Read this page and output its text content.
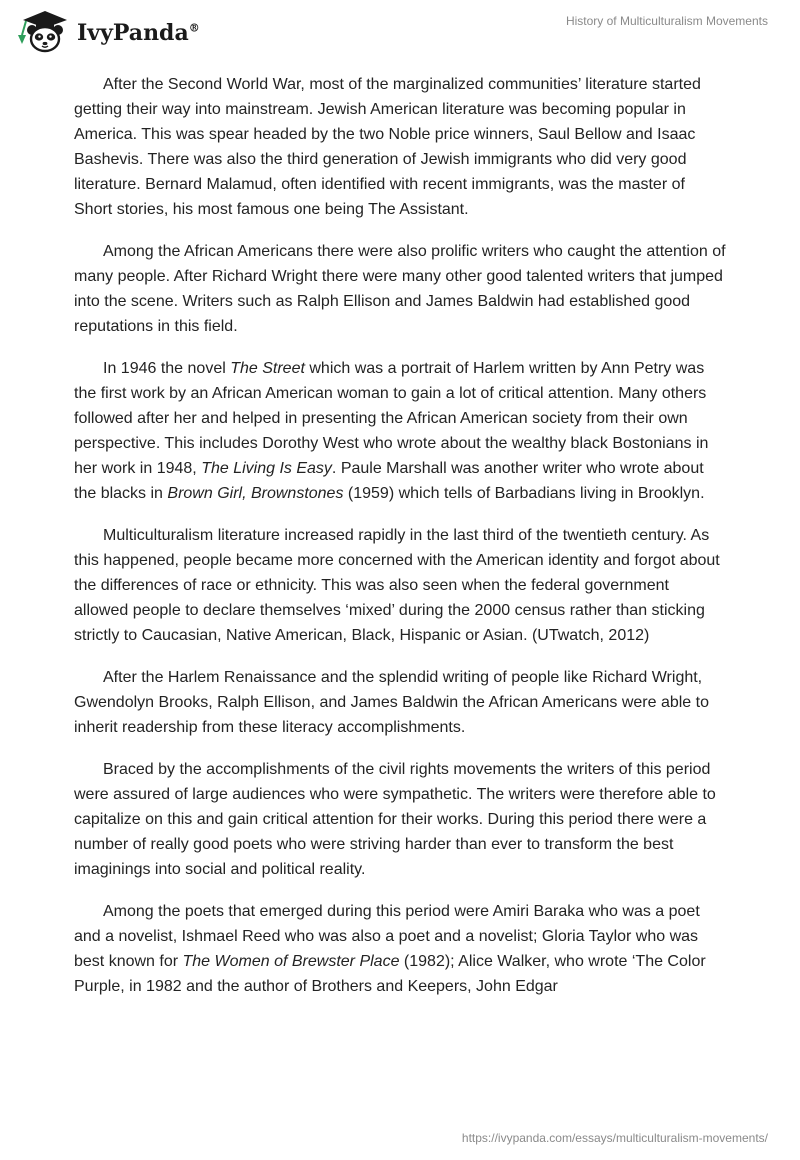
IvyPanda®
History of Multiculturalism Movements

After the Second World War, most of the marginalized communities’ literature started getting their way into mainstream. Jewish American literature was becoming popular in America. This was spear headed by the two Noble price winners, Saul Bellow and Isaac Bashevis. There was also the third generation of Jewish immigrants who did very good literature. Bernard Malamud, often identified with recent immigrants, was the master of Short stories, his most famous one being The Assistant.

Among the African Americans there were also prolific writers who caught the attention of many people. After Richard Wright there were many other good talented writers that jumped into the scene. Writers such as Ralph Ellison and James Baldwin had established good reputations in this field.

In 1946 the novel The Street which was a portrait of Harlem written by Ann Petry was the first work by an African American woman to gain a lot of critical attention. Many others followed after her and helped in presenting the African American society from their own perspective. This includes Dorothy West who wrote about the wealthy black Bostonians in her work in 1948, The Living Is Easy. Paule Marshall was another writer who wrote about the blacks in Brown Girl, Brownstones (1959) which tells of Barbadians living in Brooklyn.

Multiculturalism literature increased rapidly in the last third of the twentieth century. As this happened, people became more concerned with the American identity and forgot about the differences of race or ethnicity. This was also seen when the federal government allowed people to declare themselves ‘mixed’ during the 2000 census rather than sticking strictly to Caucasian, Native American, Black, Hispanic or Asian. (UTwatch, 2012)

After the Harlem Renaissance and the splendid writing of people like Richard Wright, Gwendolyn Brooks, Ralph Ellison, and James Baldwin the African Americans were able to inherit readership from these literacy accomplishments.

Braced by the accomplishments of the civil rights movements the writers of this period were assured of large audiences who were sympathetic. The writers were therefore able to capitalize on this and gain critical attention for their works. During this period there were a number of really good poets who were striving harder than ever to transform the best imaginings into social and political reality.

Among the poets that emerged during this period were Amiri Baraka who was a poet and a novelist, Ishmael Reed who was also a poet and a novelist; Gloria Taylor who was best known for The Women of Brewster Place (1982); Alice Walker, who wrote ‘The Color Purple, in 1982 and the author of Brothers and Keepers, John Edgar

https://ivypanda.com/essays/multiculturalism-movements/
